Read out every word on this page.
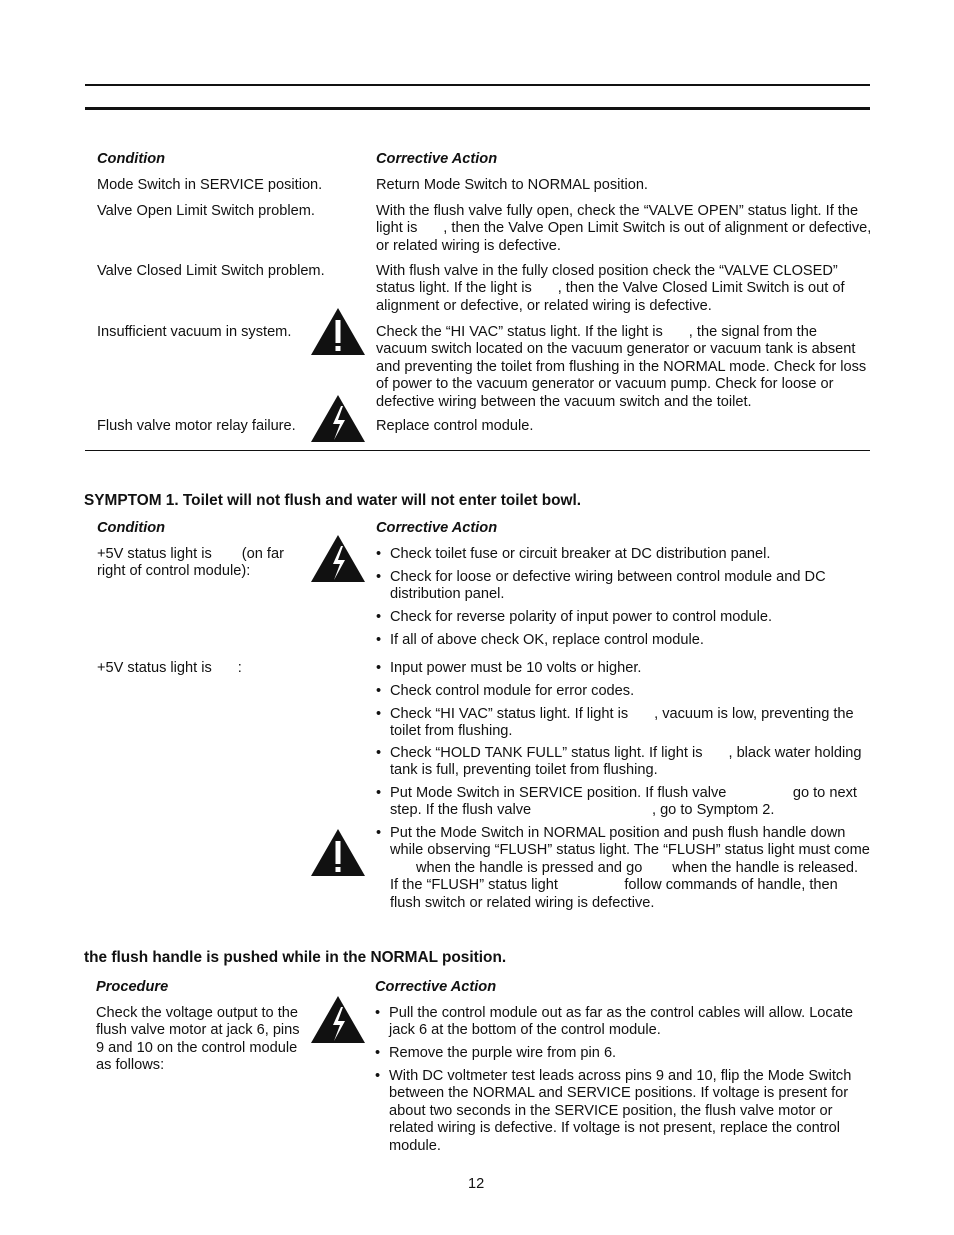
Condition	Corrective Action
Mode Switch in SERVICE position.	Return Mode Switch to NORMAL position.
Valve Open Limit Switch problem.	With the flush valve fully open, check the “VALVE OPEN” status light. If the light is   , then the Valve Open Limit Switch is out of alignment or defective, or related wiring is defective.
Valve Closed Limit Switch problem.	With flush valve in the fully closed position check the “VALVE CLOSED” status light. If the light is   , then the Valve Closed Limit Switch is out of alignment or defective, or related wiring is defective.
Insufficient vacuum in system.	Check the “HI VAC” status light. If the light is   , the signal from the vacuum switch located on the vacuum generator or vacuum tank is absent and preventing the toilet from flushing in the NORMAL mode. Check for loss of power to the vacuum generator or vacuum pump. Check for loose or defective wiring between the vacuum switch and the toilet.
Flush valve motor relay failure.	Replace control module.
SYMPTOM 1. Toilet will not flush and water will not enter toilet bowl.
Condition	Corrective Action
+5V status light is    (on far right of control module):
• Check toilet fuse or circuit breaker at DC distribution panel.
• Check for loose or defective wiring between control module and DC distribution panel.
• Check for reverse polarity of input power to control module.
• If all of above check OK, replace control module.
+5V status light is   :	• Input power must be 10 volts or higher.
• Check control module for error codes.
• Check “HI VAC” status light. If light is   , vacuum is low, preventing the toilet from flushing.
• Check “HOLD TANK FULL” status light. If light is   , black water holding tank is full, preventing toilet from flushing.
• Put Mode Switch in SERVICE position. If flush valve      go to next step. If the flush valve         , go to Symptom 2.
• Put the Mode Switch in NORMAL position and push flush handle down while observing “FLUSH” status light. The “FLUSH” status light must come    when the handle is pressed and go    when the handle is released. If the “FLUSH” status light      follow commands of handle, then flush switch or related wiring is defective.
the flush handle is pushed while in the NORMAL position.
Procedure	Corrective Action
Check the voltage output to the flush valve motor at jack 6, pins 9 and 10 on the control module as follows:
• Pull the control module out as far as the control cables will allow. Locate jack 6 at the bottom of the control module.
• Remove the purple wire from pin 6.
• With DC voltmeter test leads across pins 9 and 10, flip the Mode Switch between the NORMAL and SERVICE positions. If voltage is present for about two seconds in the SERVICE position, the flush valve motor or related wiring is defective. If voltage is not present, replace the control module.
12
